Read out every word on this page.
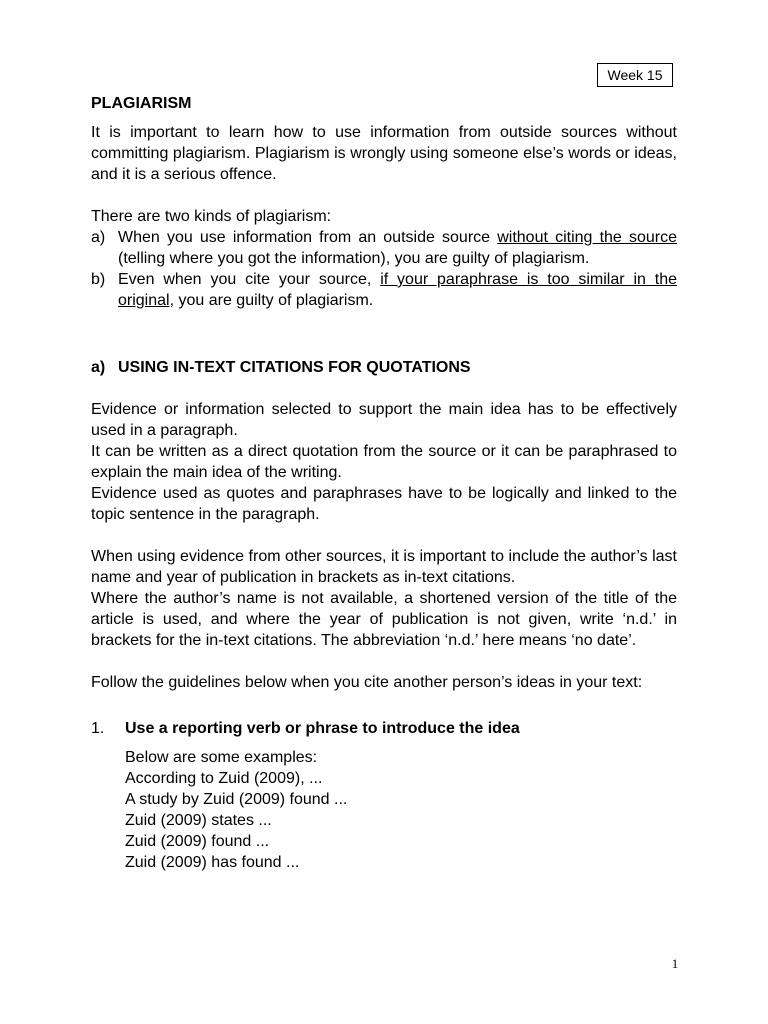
Week 15

PLAGIARISM

It is important to learn how to use information from outside sources without committing plagiarism. Plagiarism is wrongly using someone else’s words or ideas, and it is a serious offence.

There are two kinds of plagiarism:

a) When you use information from an outside source without citing the source (telling where you got the information), you are guilty of plagiarism.
b) Even when you cite your source, if your paraphrase is too similar in the original, you are guilty of plagiarism.

a) USING IN-TEXT CITATIONS FOR QUOTATIONS

Evidence or information selected to support the main idea has to be effectively used in a paragraph.

It can be written as a direct quotation from the source or it can be paraphrased to explain the main idea of the writing.

Evidence used as quotes and paraphrases have to be logically and linked to the topic sentence in the paragraph.

When using evidence from other sources, it is important to include the author’s last name and year of publication in brackets as in-text citations.

Where the author’s name is not available, a shortened version of the title of the article is used, and where the year of publication is not given, write ‘n.d.’ in brackets for the in-text citations. The abbreviation ‘n.d.’ here means ‘no date’.

Follow the guidelines below when you cite another person’s ideas in your text:

1. Use a reporting verb or phrase to introduce the idea

Below are some examples:

According to Zuid (2009), ...

A study by Zuid (2009) found ...

Zuid (2009) states ...

Zuid (2009) found ...

Zuid (2009) has found ...

1
